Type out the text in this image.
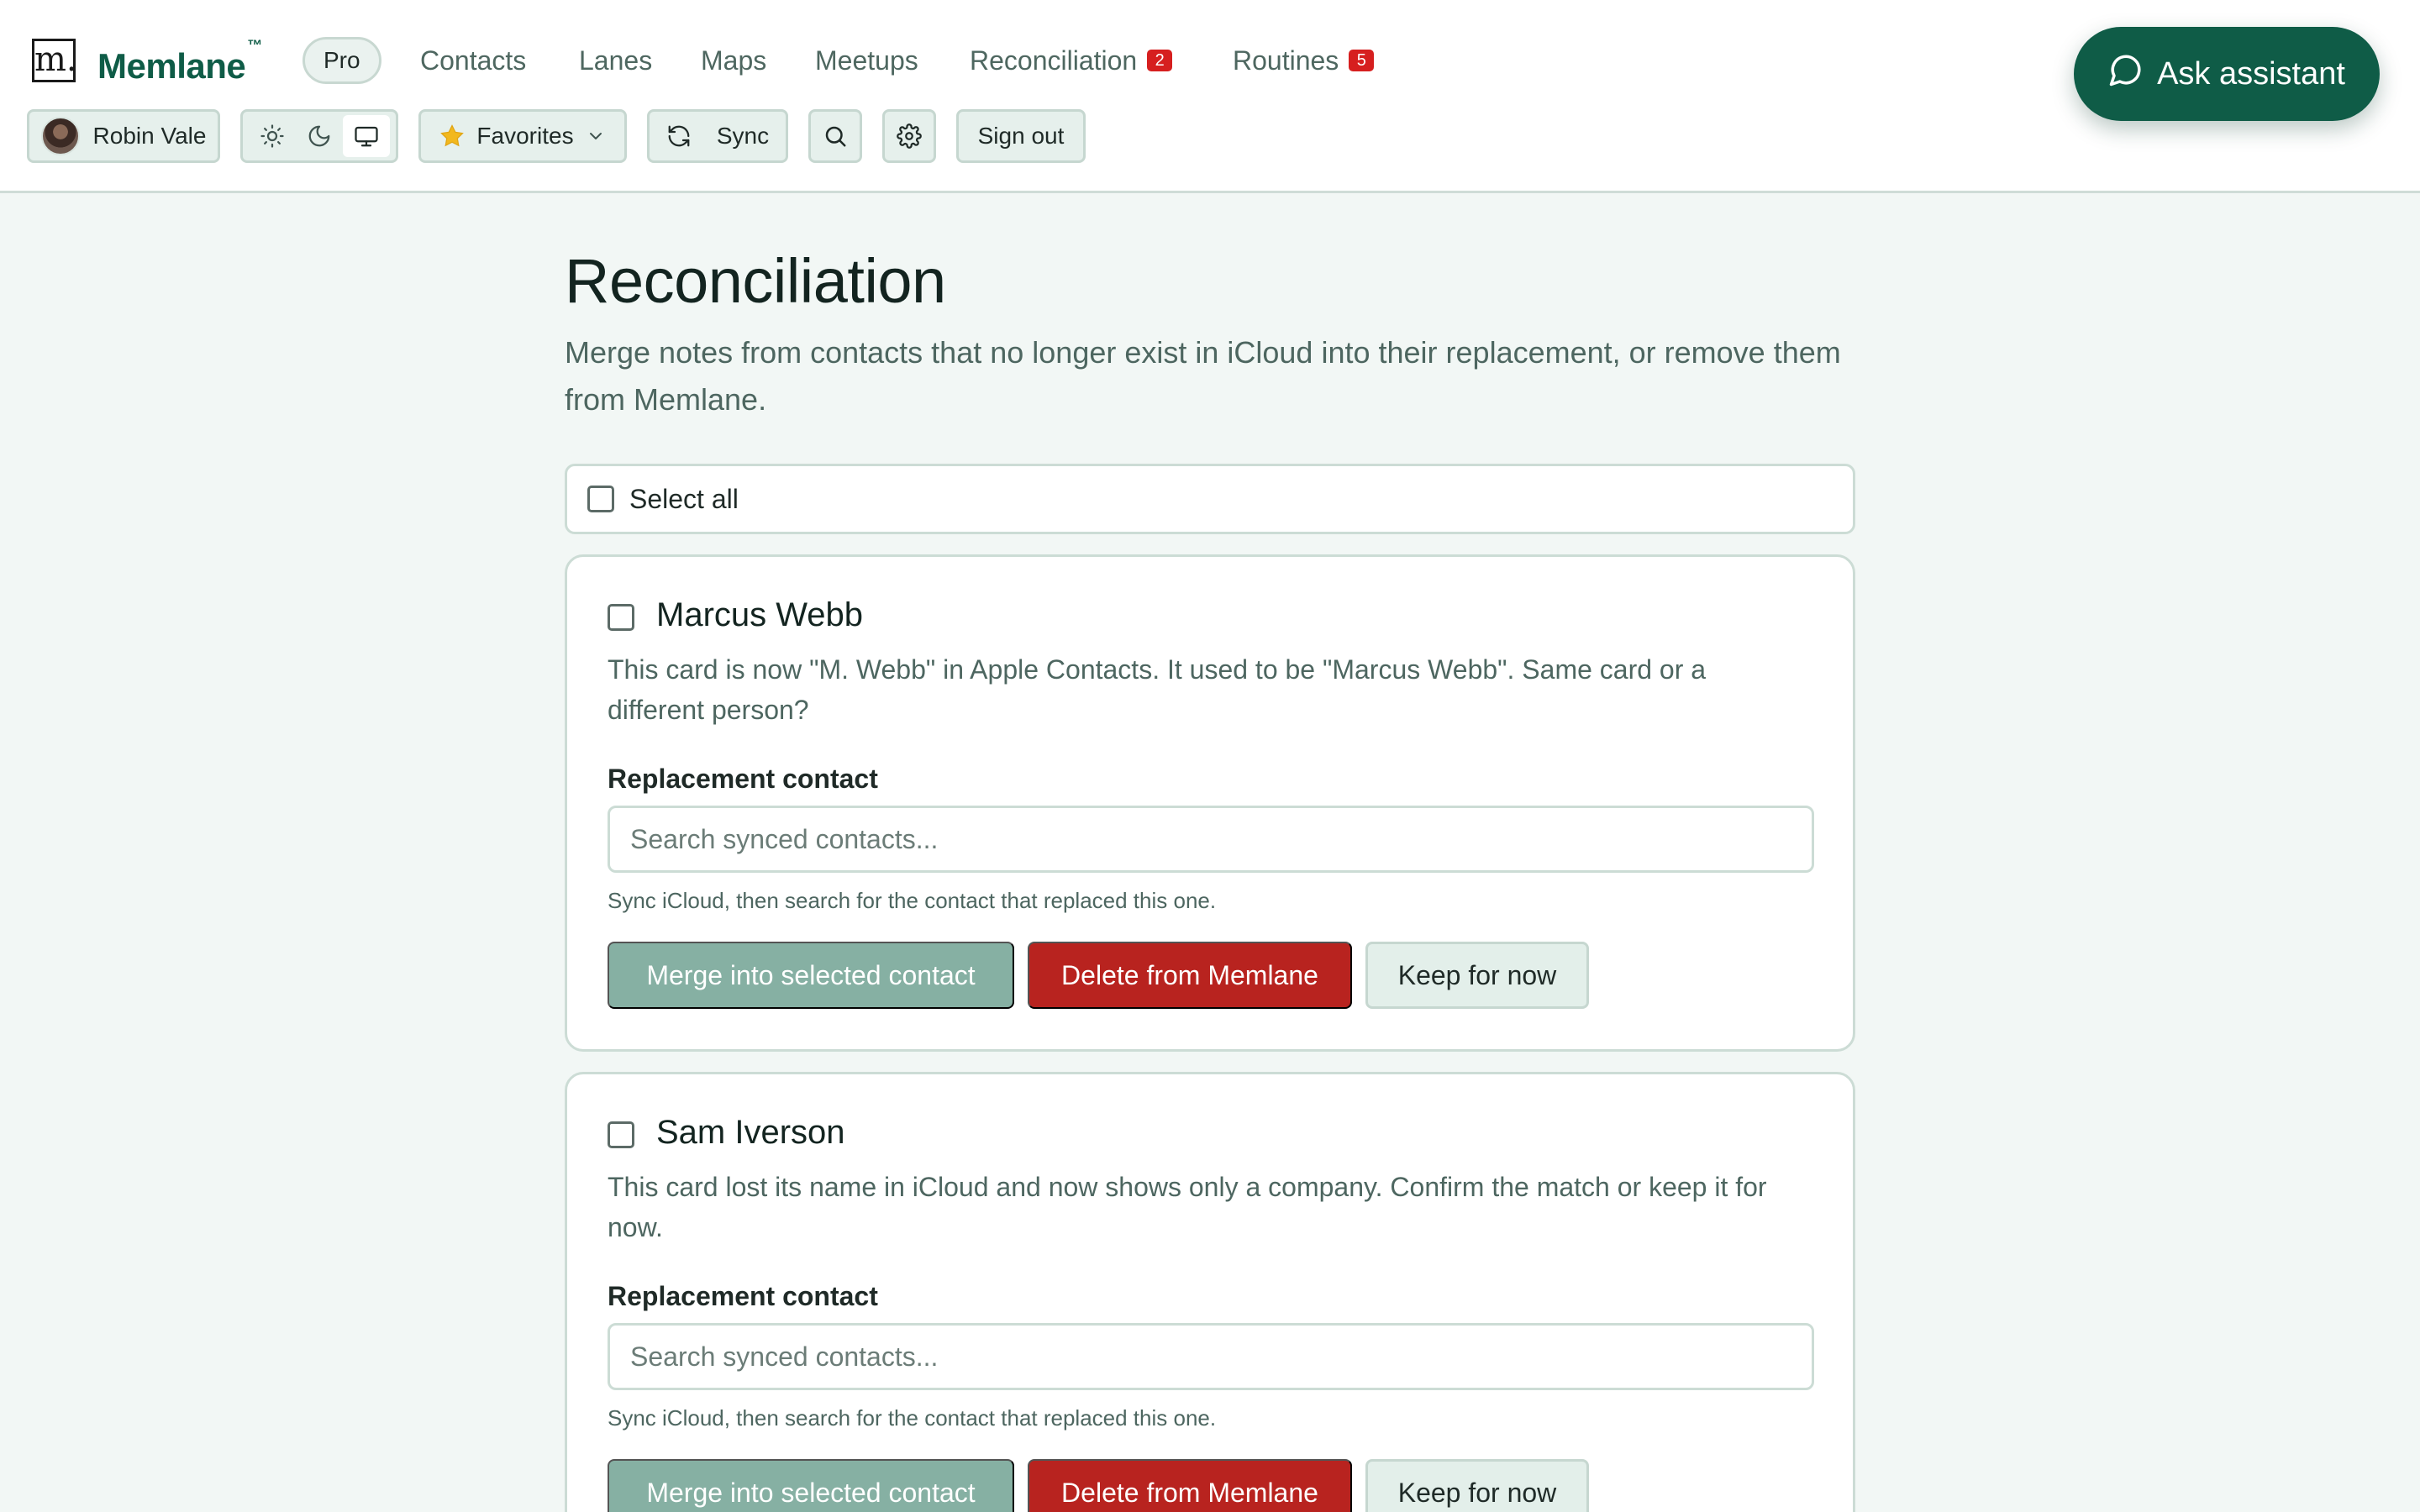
m. Memlane™
Pro	Contacts Lanes Maps Meetups Reconciliation 2	Routines 5	Ask assistant
Robin Vale	Favorites	Sync	Sign out
Reconciliation

Merge notes from contacts that no longer exist in iCloud into their replacement, or remove them from Memlane.

Select all
Marcus Webb

This card is now "M. Webb" in Apple Contacts. It used to be "Marcus Webb". Same card or a different person?

Replacement contact
Search synced contacts...
Sync iCloud, then search for the contact that replaced this one.
Merge into selected contact	Delete from Memlane	Keep for now
Sam Iverson

This card lost its name in iCloud and now shows only a company. Confirm the match or keep it for now.

Replacement contact
Search synced contacts...
Sync iCloud, then search for the contact that replaced this one.
Merge into selected contact	Delete from Memlane	Keep for now
